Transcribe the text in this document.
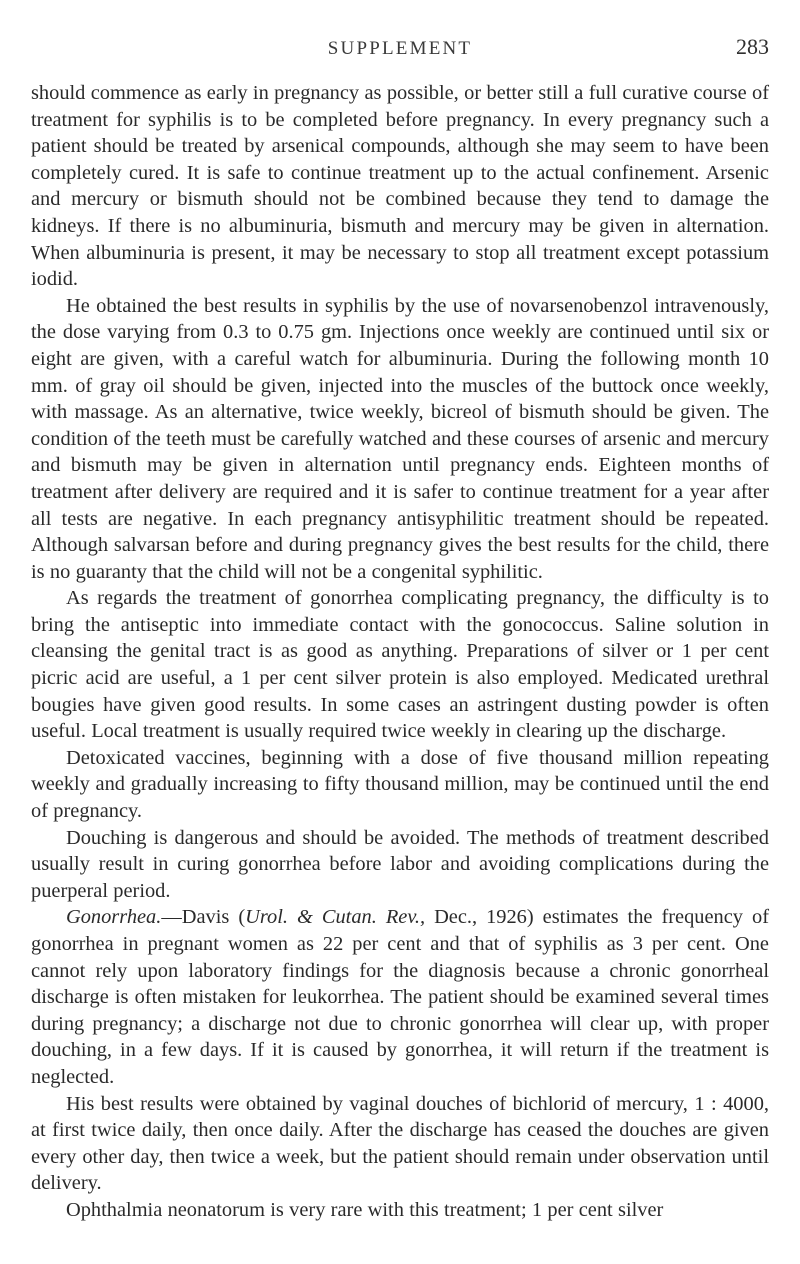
SUPPLEMENT	283

should commence as early in pregnancy as possible, or better still a full curative course of treatment for syphilis is to be completed before pregnancy. In every pregnancy such a patient should be treated by arsenical compounds, although she may seem to have been completely cured. It is safe to continue treatment up to the actual confinement. Arsenic and mercury or bismuth should not be combined because they tend to damage the kidneys. If there is no albuminuria, bismuth and mercury may be given in alternation. When albuminuria is present, it may be necessary to stop all treatment except potassium iodid.

He obtained the best results in syphilis by the use of novarsenobenzol intravenously, the dose varying from 0.3 to 0.75 gm. Injections once weekly are continued until six or eight are given, with a careful watch for albuminuria. During the following month 10 mm. of gray oil should be given, injected into the muscles of the buttock once weekly, with massage. As an alternative, twice weekly, bicreol of bismuth should be given. The condition of the teeth must be carefully watched and these courses of arsenic and mercury and bismuth may be given in alternation until pregnancy ends. Eighteen months of treatment after delivery are required and it is safer to continue treatment for a year after all tests are negative. In each pregnancy antisyphilitic treatment should be repeated. Although salvarsan before and during pregnancy gives the best results for the child, there is no guaranty that the child will not be a congenital syphilitic.

As regards the treatment of gonorrhea complicating pregnancy, the difficulty is to bring the antiseptic into immediate contact with the gonococcus. Saline solution in cleansing the genital tract is as good as anything. Preparations of silver or 1 per cent picric acid are useful, a 1 per cent silver protein is also employed. Medicated urethral bougies have given good results. In some cases an astringent dusting powder is often useful. Local treatment is usually required twice weekly in clearing up the discharge.

Detoxicated vaccines, beginning with a dose of five thousand million repeating weekly and gradually increasing to fifty thousand million, may be continued until the end of pregnancy.

Douching is dangerous and should be avoided. The methods of treatment described usually result in curing gonorrhea before labor and avoiding complications during the puerperal period.

Gonorrhea.—Davis (Urol. & Cutan. Rev., Dec., 1926) estimates the frequency of gonorrhea in pregnant women as 22 per cent and that of syphilis as 3 per cent. One cannot rely upon laboratory findings for the diagnosis because a chronic gonorrheal discharge is often mistaken for leukorrhea. The patient should be examined several times during pregnancy; a discharge not due to chronic gonorrhea will clear up, with proper douching, in a few days. If it is caused by gonorrhea, it will return if the treatment is neglected.

His best results were obtained by vaginal douches of bichlorid of mercury, 1 : 4000, at first twice daily, then once daily. After the discharge has ceased the douches are given every other day, then twice a week, but the patient should remain under observation until delivery.

Ophthalmia neonatorum is very rare with this treatment; 1 per cent silver
